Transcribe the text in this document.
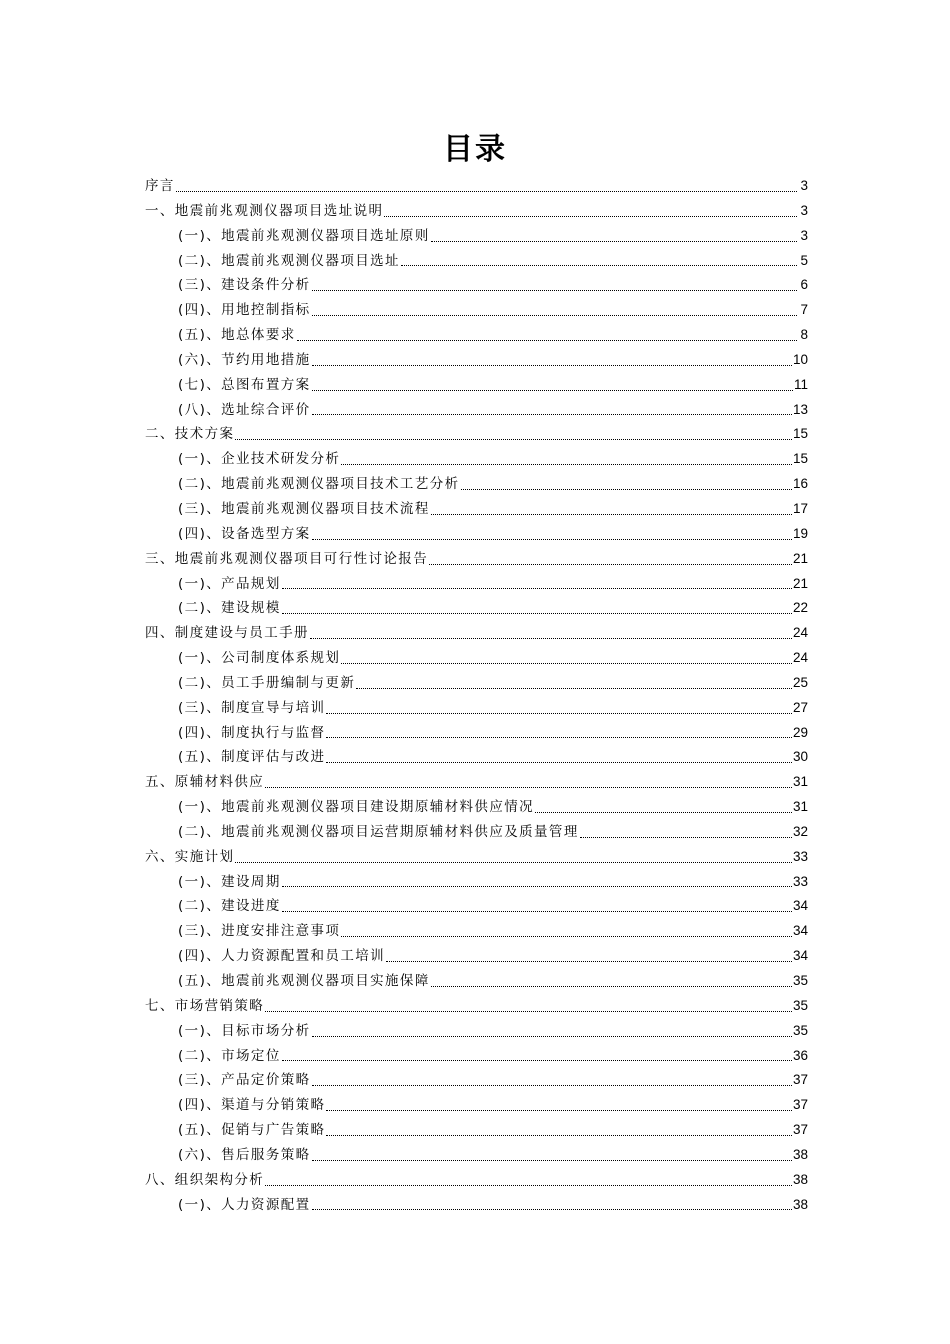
目录
序言	3
一、地震前兆观测仪器项目选址说明	3
(一)、地震前兆观测仪器项目选址原则	3
(二)、地震前兆观测仪器项目选址	5
(三)、建设条件分析	6
(四)、用地控制指标	7
(五)、地总体要求	8
(六)、节约用地措施	10
(七)、总图布置方案	11
(八)、选址综合评价	13
二、技术方案	15
(一)、企业技术研发分析	15
(二)、地震前兆观测仪器项目技术工艺分析	16
(三)、地震前兆观测仪器项目技术流程	17
(四)、设备选型方案	19
三、地震前兆观测仪器项目可行性讨论报告	21
(一)、产品规划	21
(二)、建设规模	22
四、制度建设与员工手册	24
(一)、公司制度体系规划	24
(二)、员工手册编制与更新	25
(三)、制度宣导与培训	27
(四)、制度执行与监督	29
(五)、制度评估与改进	30
五、原辅材料供应	31
(一)、地震前兆观测仪器项目建设期原辅材料供应情况	31
(二)、地震前兆观测仪器项目运营期原辅材料供应及质量管理	32
六、实施计划	33
(一)、建设周期	33
(二)、建设进度	34
(三)、进度安排注意事项	34
(四)、人力资源配置和员工培训	34
(五)、地震前兆观测仪器项目实施保障	35
七、市场营销策略	35
(一)、目标市场分析	35
(二)、市场定位	36
(三)、产品定价策略	37
(四)、渠道与分销策略	37
(五)、促销与广告策略	37
(六)、售后服务策略	38
八、组织架构分析	38
(一)、人力资源配置	38
